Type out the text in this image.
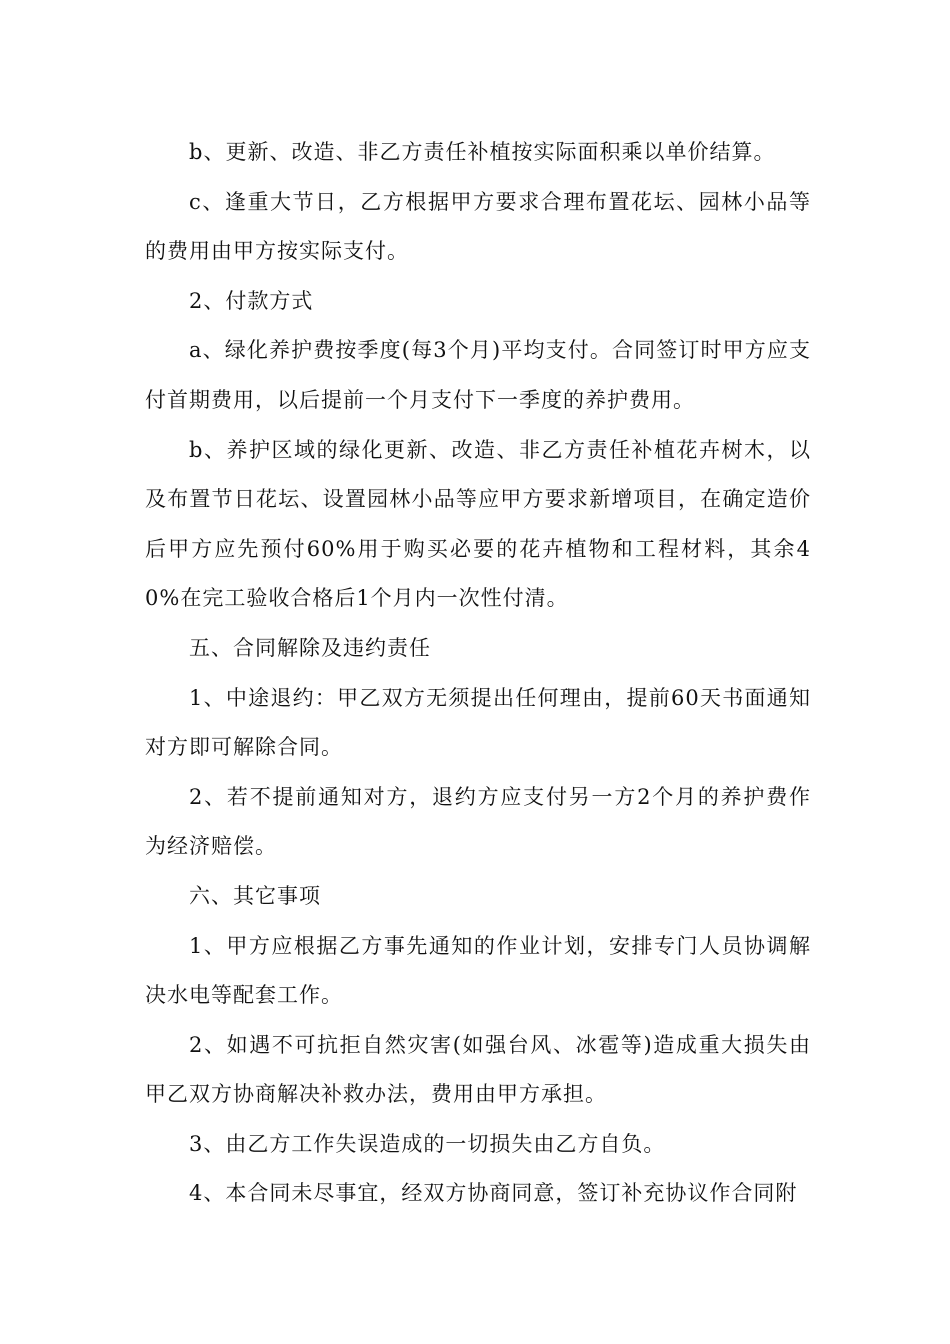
b、更新、改造、非乙方责任补植按实际面积乘以单价结算。

c、逢重大节日，乙方根据甲方要求合理布置花坛、园林小品等的费用由甲方按实际支付。

2、付款方式

a、绿化养护费按季度(每3个月)平均支付。合同签订时甲方应支付首期费用，以后提前一个月支付下一季度的养护费用。

b、养护区域的绿化更新、改造、非乙方责任补植花卉树木，以及布置节日花坛、设置园林小品等应甲方要求新增项目，在确定造价后甲方应先预付60%用于购买必要的花卉植物和工程材料，其余40%在完工验收合格后1个月内一次性付清。

五、合同解除及违约责任

1、中途退约：甲乙双方无须提出任何理由，提前60天书面通知对方即可解除合同。

2、若不提前通知对方，退约方应支付另一方2个月的养护费作为经济赔偿。

六、其它事项

1、甲方应根据乙方事先通知的作业计划，安排专门人员协调解决水电等配套工作。

2、如遇不可抗拒自然灾害(如强台风、冰雹等)造成重大损失由甲乙双方协商解决补救办法，费用由甲方承担。

3、由乙方工作失误造成的一切损失由乙方自负。

4、本合同未尽事宜，经双方协商同意，签订补充协议作合同附
